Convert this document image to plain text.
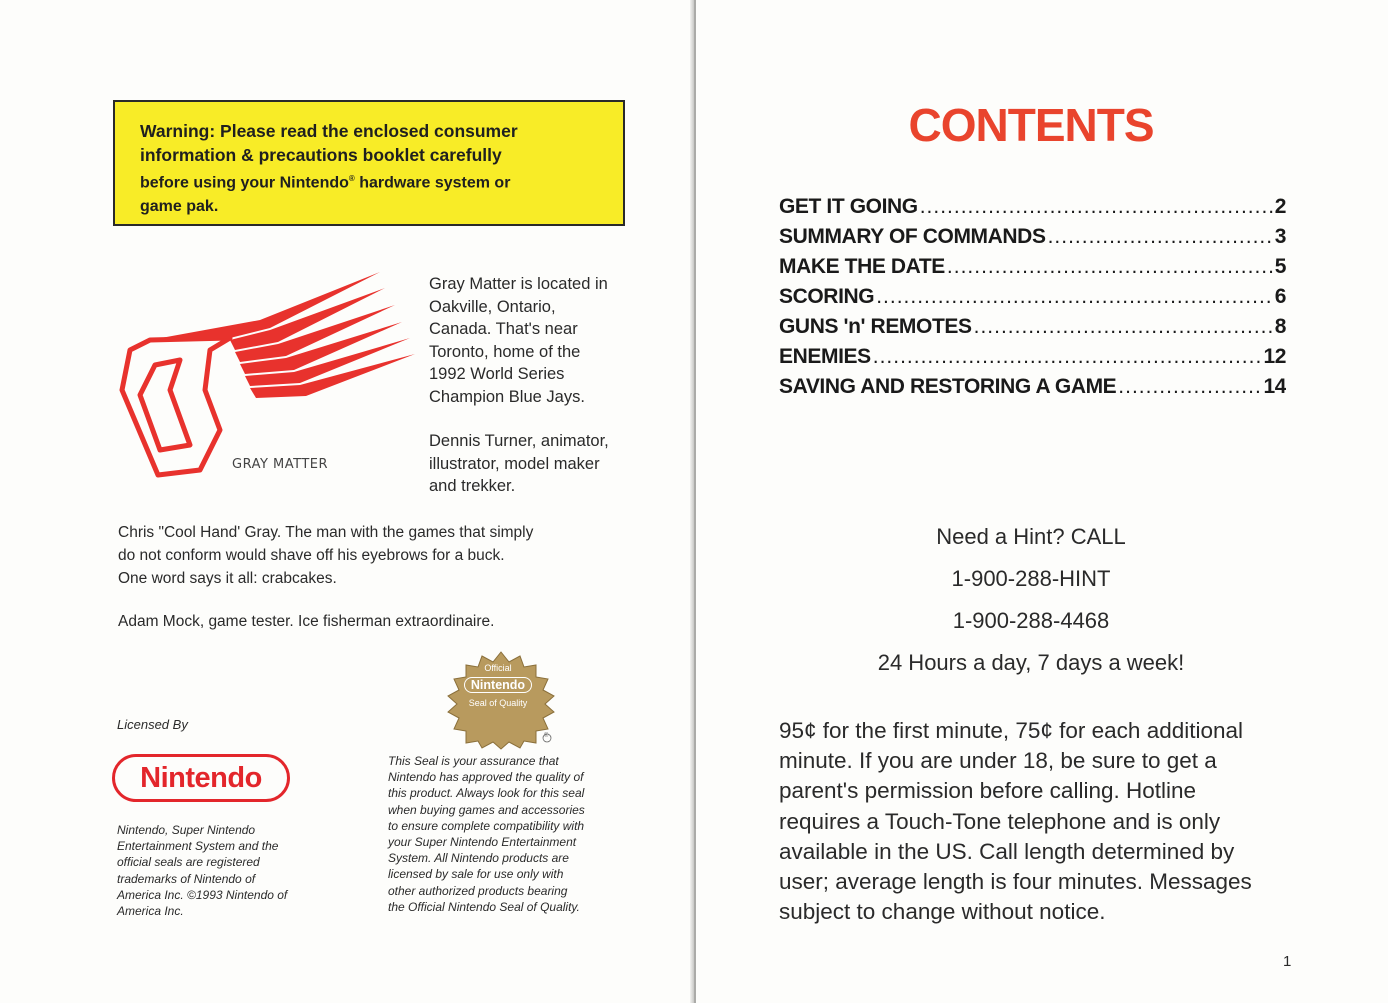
Warning: Please read the enclosed consumer
information & precautions booklet carefully
before using your Nintendo® hardware system or
game pak.
GRAY MATTER
Gray Matter is located in
Oakville, Ontario,
Canada. That's near
Toronto, home of the
1992 World Series
Champion Blue Jays.
Dennis Turner, animator,
illustrator, model maker
and trekker.
Chris "Cool Hand' Gray. The man with the games that simply
do not conform would shave off his eyebrows for a buck.
One word says it all: crabcakes.
Adam Mock, game tester. Ice fisherman extraordinaire.
Official
Nintendo
Seal of Quality
®
Licensed By
Nintendo
Nintendo, Super Nintendo
Entertainment System and the
official seals are registered
trademarks of Nintendo of
America Inc. ©1993 Nintendo of
America Inc.
This Seal is your assurance that
Nintendo has approved the quality of
this product. Always look for this seal
when buying games and accessories
to ensure complete compatibility with
your Super Nintendo Entertainment
System. All Nintendo products are
licensed by sale for use only with
other authorized products bearing
the Official Nintendo Seal of Quality.
CONTENTS
GET IT GOING .....	2
SUMMARY OF COMMANDS .....	3
MAKE THE DATE .....	5
SCORING .....	6
GUNS 'n' REMOTES .....	8
ENEMIES .....	12
SAVING AND RESTORING A GAME .....	14
Need a Hint? CALL
1-900-288-HINT
1-900-288-4468
24 Hours a day, 7 days a week!
95¢ for the first minute, 75¢ for each additional
minute. If you are under 18, be sure to get a
parent's permission before calling. Hotline
requires a Touch-Tone telephone and is only
available in the US. Call length determined by
user; average length is four minutes. Messages
subject to change without notice.
1
